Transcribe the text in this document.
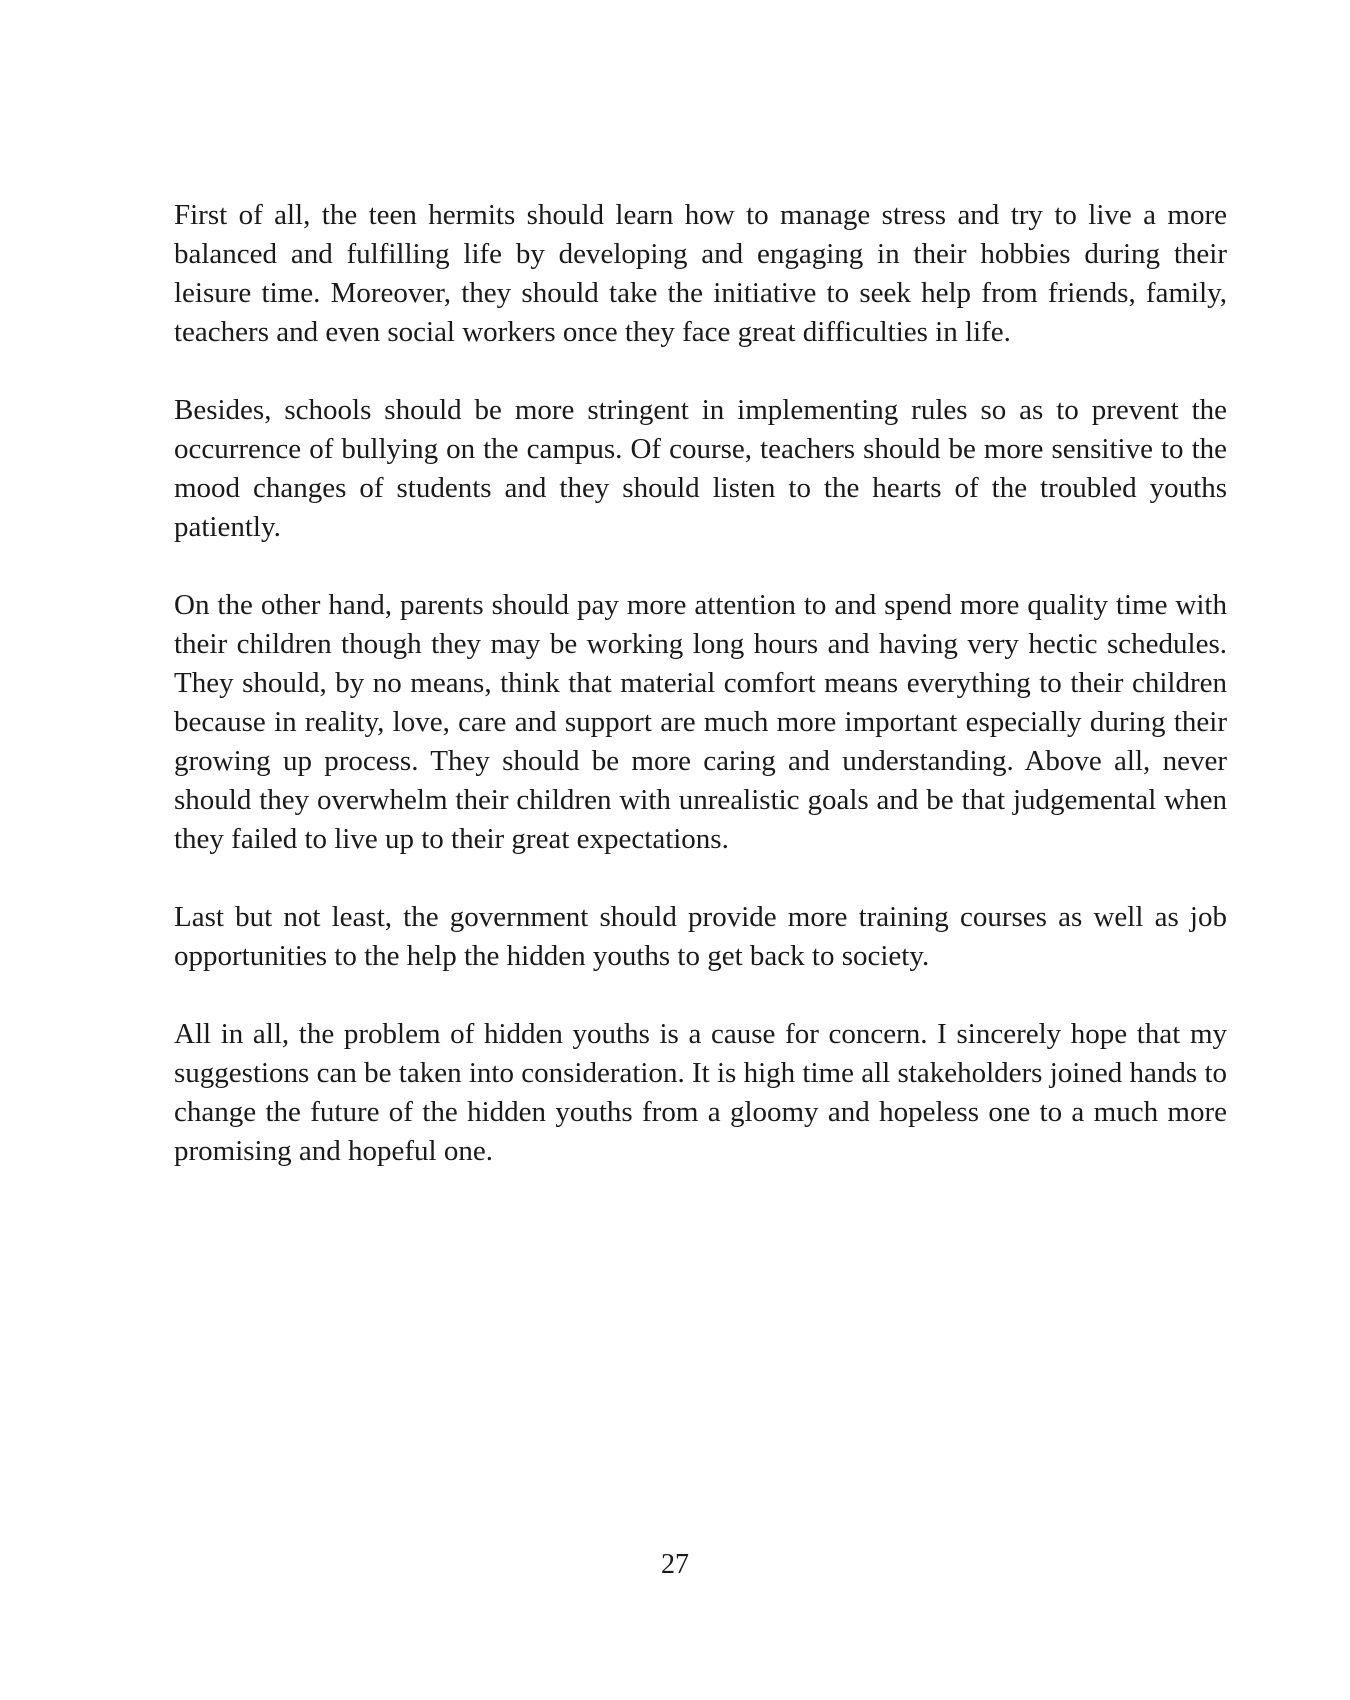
First of all, the teen hermits should learn how to manage stress and try to live a more balanced and fulfilling life by developing and engaging in their hobbies during their leisure time. Moreover, they should take the initiative to seek help from friends, family, teachers and even social workers once they face great difficulties in life.

Besides, schools should be more stringent in implementing rules so as to prevent the occurrence of bullying on the campus. Of course, teachers should be more sensitive to the mood changes of students and they should listen to the hearts of the troubled youths patiently.

On the other hand, parents should pay more attention to and spend more quality time with their children though they may be working long hours and having very hectic schedules. They should, by no means, think that material comfort means everything to their children because in reality, love, care and support are much more important especially during their growing up process. They should be more caring and understanding. Above all, never should they overwhelm their children with unrealistic goals and be that judgemental when they failed to live up to their great expectations.

Last but not least, the government should provide more training courses as well as job opportunities to the help the hidden youths to get back to society.

All in all, the problem of hidden youths is a cause for concern. I sincerely hope that my suggestions can be taken into consideration. It is high time all stakeholders joined hands to change the future of the hidden youths from a gloomy and hopeless one to a much more promising and hopeful one.

27
